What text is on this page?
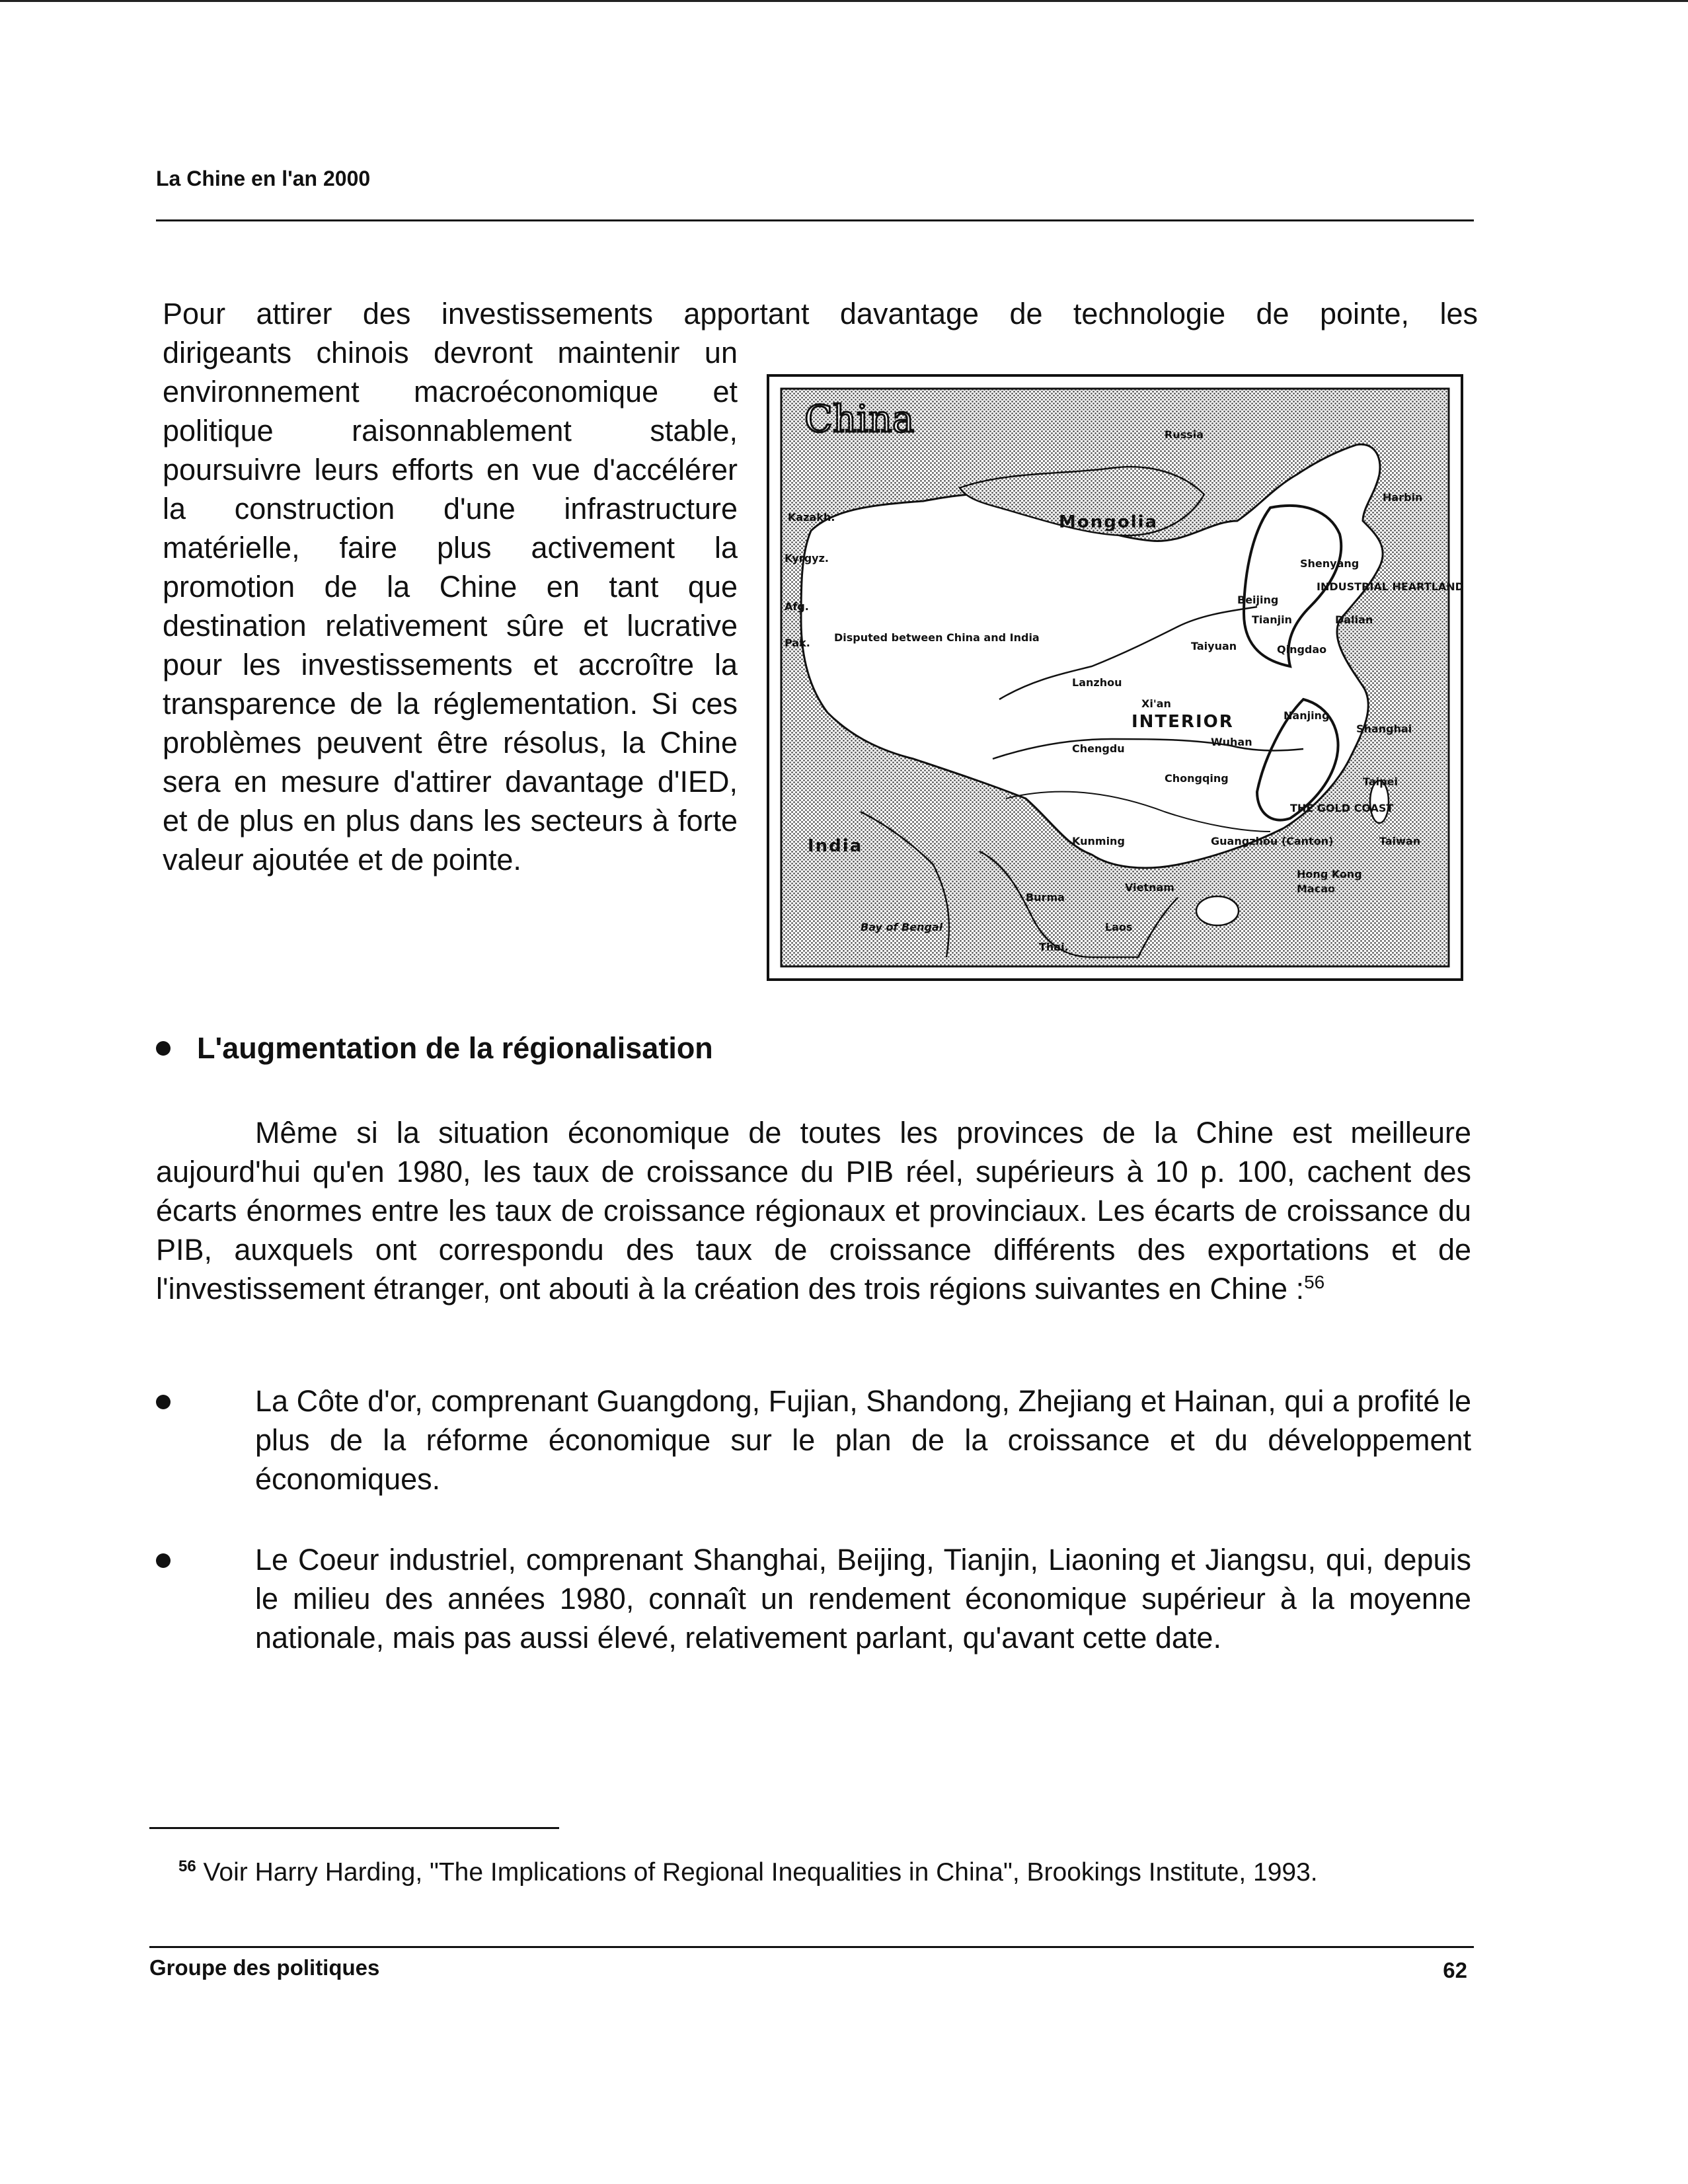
La Chine en l'an 2000
Pour attirer des investissements apportant davantage de technologie de pointe, les
dirigeants chinois devront maintenir un environnement macroéconomique et politique raisonnablement stable, poursuivre leurs efforts en vue d'accélérer la construction d'une infrastructure matérielle, faire plus activement la promotion de la Chine en tant que destination relativement sûre et lucrative pour les investissements et accroître la transparence de la réglementation. Si ces problèmes peuvent être résolus, la Chine sera en mesure d'attirer davantage d'IED, et de plus en plus dans les secteurs à forte valeur ajoutée et de pointe.
China	Russia
Mongolia
Kazakh.
Kyrgyz.
Afg.
Pak.
India
Disputed between China and India
Harbin
Shenyang
INDUSTRIAL HEARTLAND
Beijing
Tianjin	Dalian
Taiyuan	Qingdao
Lanzhou
Xi'an
INTERIOR	Nanjing
Shanghai
Chengdu
Wuhan
Chongqing
THE GOLD COAST
Taipei
Taiwan
Kunming	Guangzhou (Canton)
Hong Kong
Macao
Bay of Bengal
Burma
Vietnam
Laos
Thai.
L'augmentation de la régionalisation
Même si la situation économique de toutes les provinces de la Chine est meilleure aujourd'hui qu'en 1980, les taux de croissance du PIB réel, supérieurs à 10 p. 100, cachent des écarts énormes entre les taux de croissance régionaux et provinciaux. Les écarts de croissance du PIB, auxquels ont correspondu des taux de croissance différents des exportations et de l'investissement étranger, ont abouti à la création des trois régions suivantes en Chine :$^{56}$
La Côte d'or, comprenant Guangdong, Fujian, Shandong, Zhejiang et Hainan, qui a profité le plus de la réforme économique sur le plan de la croissance et du développement économiques.
Le Coeur industriel, comprenant Shanghai, Beijing, Tianjin, Liaoning et Jiangsu, qui, depuis le milieu des années 1980, connaît un rendement économique supérieur à la moyenne nationale, mais pas aussi élevé, relativement parlant, qu'avant cette date.
$^{56}$ Voir Harry Harding, "The Implications of Regional Inequalities in China", Brookings Institute, 1993.
Groupe des politiques	62
